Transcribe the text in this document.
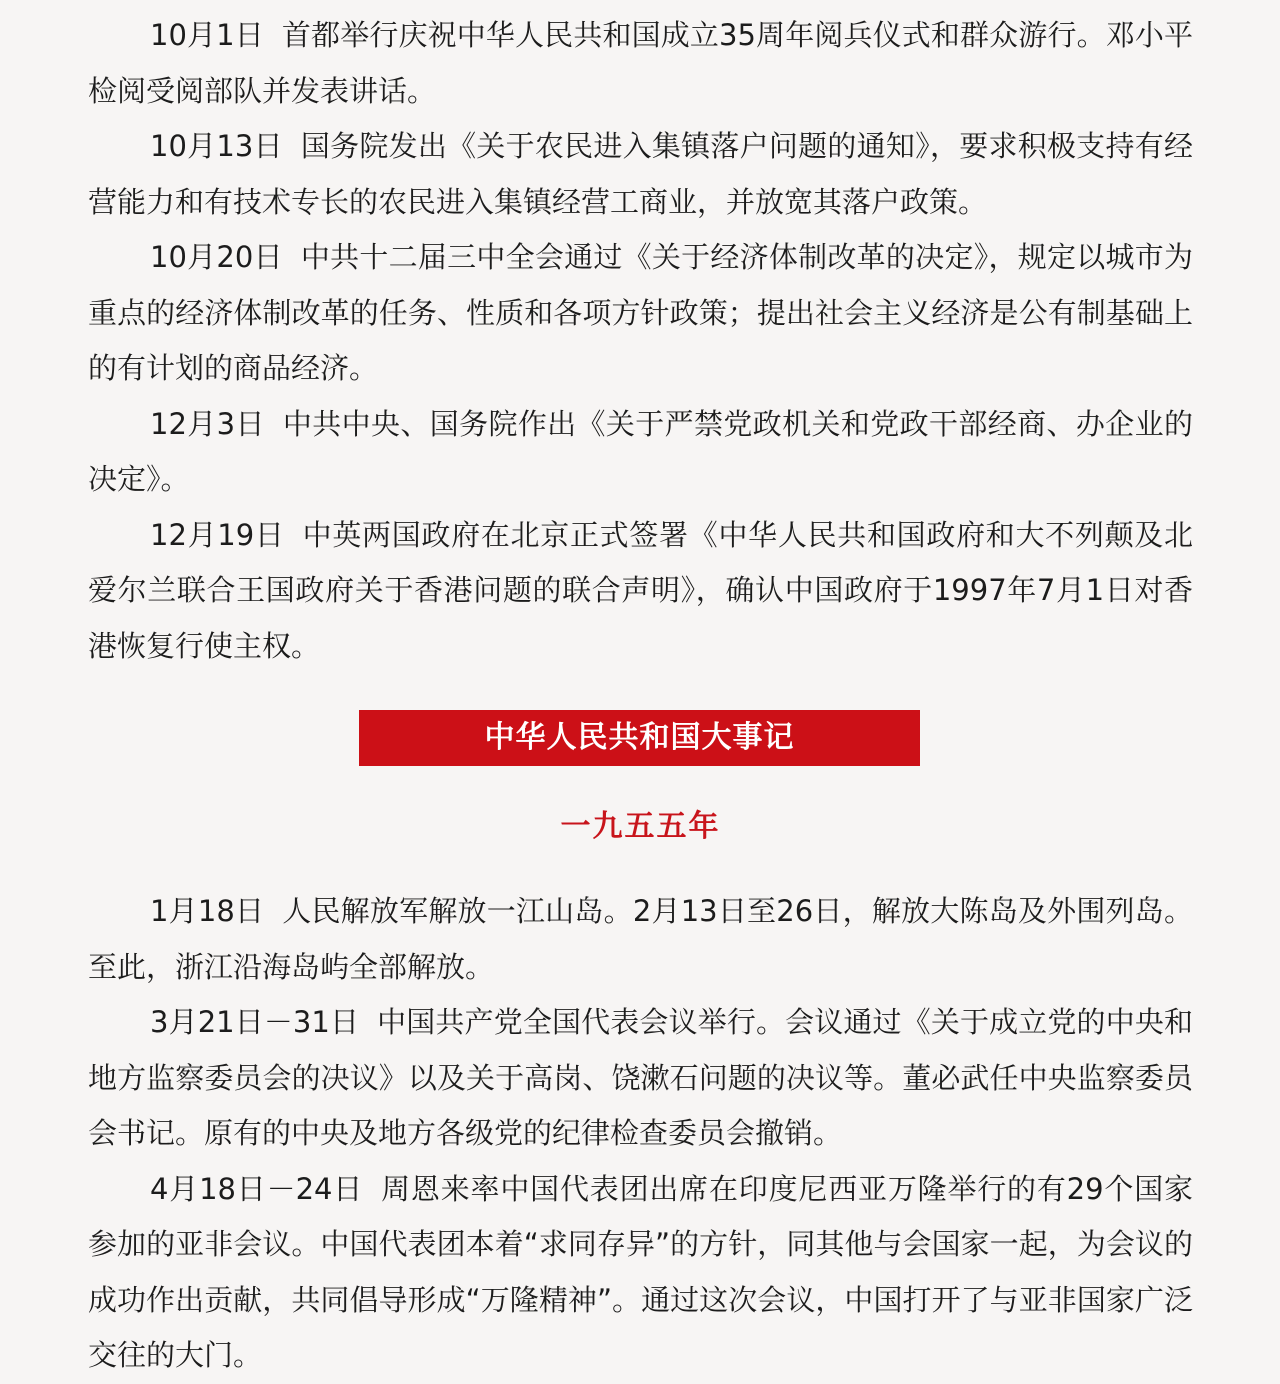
10月1日 首都举行庆祝中华人民共和国成立35周年阅兵仪式和群众游行。邓小平检阅受阅部队并发表讲话。

10月13日 国务院发出《关于农民进入集镇落户问题的通知》，要求积极支持有经营能力和有技术专长的农民进入集镇经营工商业，并放宽其落户政策。

10月20日 中共十二届三中全会通过《关于经济体制改革的决定》，规定以城市为重点的经济体制改革的任务、性质和各项方针政策；提出社会主义经济是公有制基础上的有计划的商品经济。

12月3日 中共中央、国务院作出《关于严禁党政机关和党政干部经商、办企业的决定》。

12月19日 中英两国政府在北京正式签署《中华人民共和国政府和大不列颠及北爱尔兰联合王国政府关于香港问题的联合声明》，确认中国政府于1997年7月1日对香港恢复行使主权。

中华人民共和国大事记
一九五五年

1月18日 人民解放军解放一江山岛。2月13日至26日，解放大陈岛及外围列岛。至此，浙江沿海岛屿全部解放。

3月21日－31日 中国共产党全国代表会议举行。会议通过《关于成立党的中央和地方监察委员会的决议》以及关于高岗、饶漱石问题的决议等。董必武任中央监察委员会书记。原有的中央及地方各级党的纪律检查委员会撤销。

4月18日－24日 周恩来率中国代表团出席在印度尼西亚万隆举行的有29个国家参加的亚非会议。中国代表团本着“求同存异”的方针，同其他与会国家一起，为会议的成功作出贡献，共同倡导形成“万隆精神”。通过这次会议，中国打开了与亚非国家广泛交往的大门。
